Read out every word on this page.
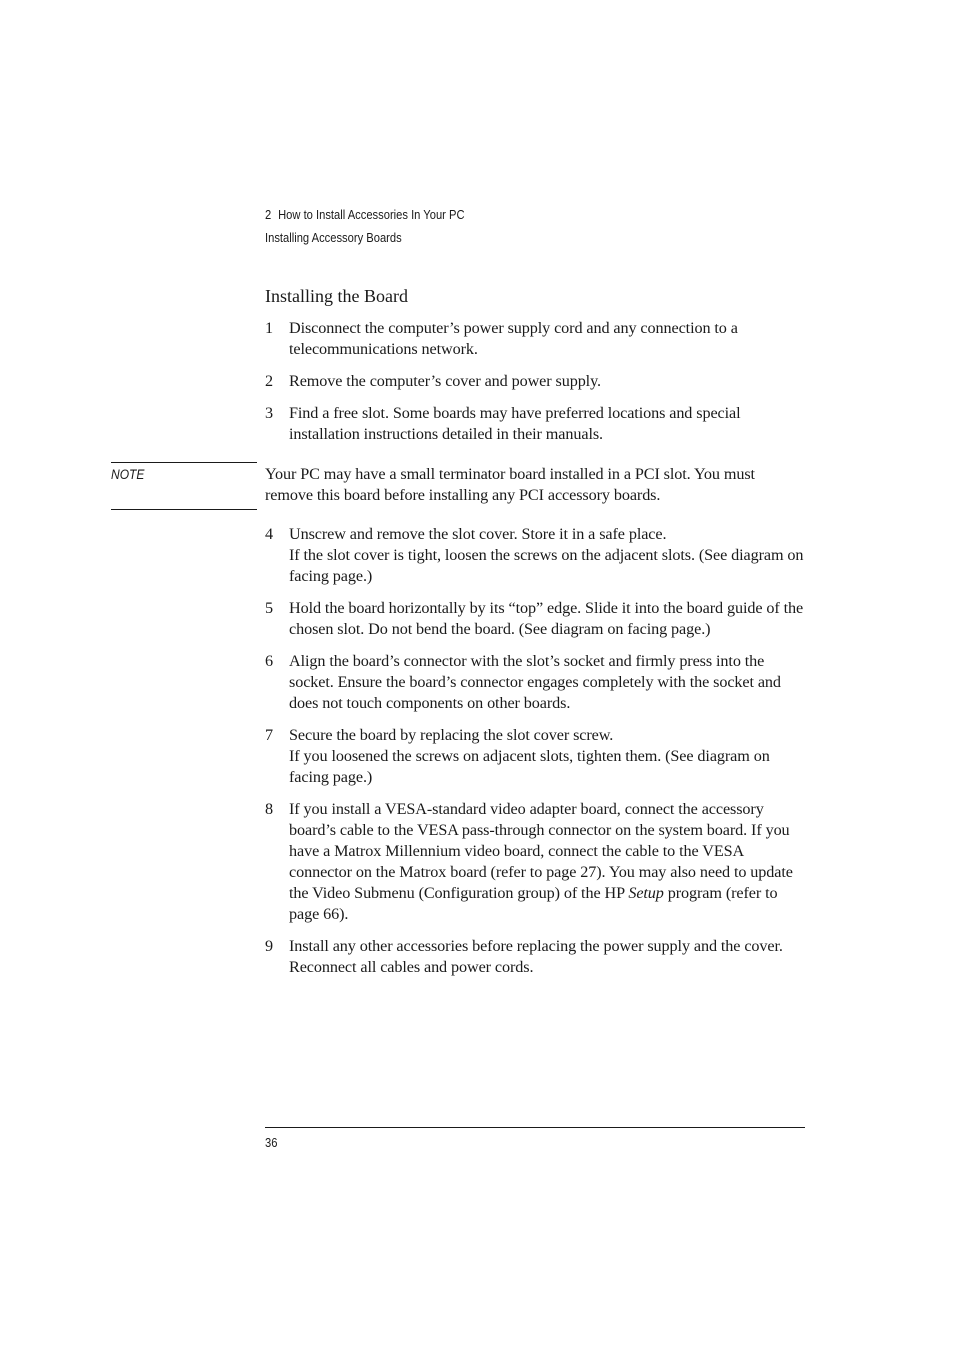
2 How to Install Accessories In Your PC
Installing Accessory Boards
Installing the Board
1 Disconnect the computer’s power supply cord and any connection to a telecommunications network.

2 Remove the computer’s cover and power supply.

3 Find a free slot. Some boards may have preferred locations and special installation instructions detailed in their manuals.

NOTE	Your PC may have a small terminator board installed in a PCI slot. You must remove this board before installing any PCI accessory boards.
4 Unscrew and remove the slot cover. Store it in a safe place.

If the slot cover is tight, loosen the screws on the adjacent slots. (See diagram on facing page.)

5 Hold the board horizontally by its “top” edge. Slide it into the board guide of the chosen slot. Do not bend the board. (See diagram on facing page.)

6 Align the board’s connector with the slot’s socket and firmly press into the socket. Ensure the board’s connector engages completely with the socket and does not touch components on other boards.

7 Secure the board by replacing the slot cover screw.

If you loosened the screws on adjacent slots, tighten them. (See diagram on facing page.)

8 If you install a VESA-standard video adapter board, connect the accessory board’s cable to the VESA pass-through connector on the system board. If you have a Matrox Millennium video board, connect the cable to the VESA connector on the Matrox board (refer to page 27). You may also need to update the Video Submenu (Configuration group) of the HP Setup program (refer to page 66).

9 Install any other accessories before replacing the power supply and the cover. Reconnect all cables and power cords.

36
